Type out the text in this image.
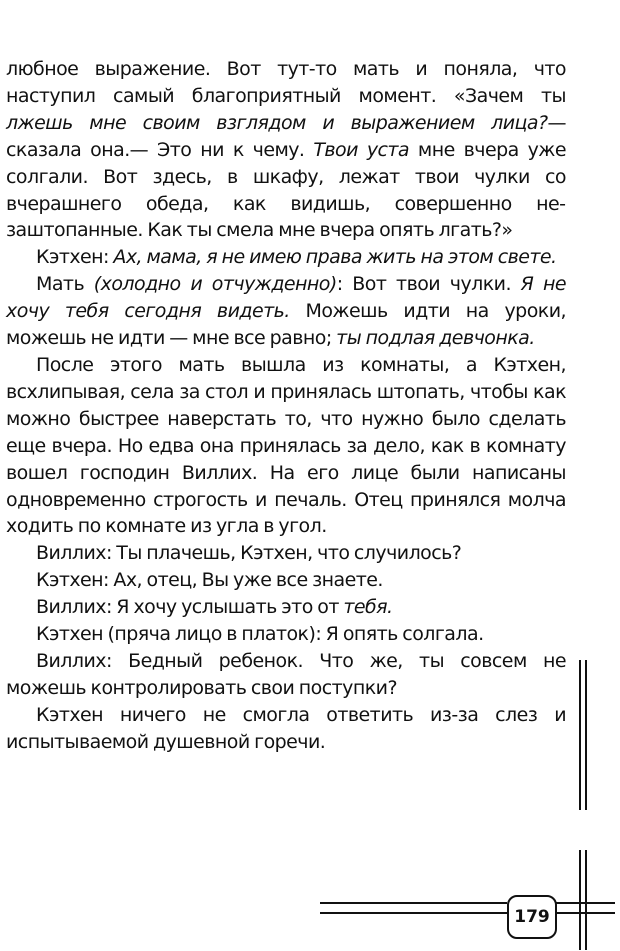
любное выражение. Вот тут-то мать и поняла, что наступил самый благоприятный момент. «Зачем ты лжешь мне своим взглядом и выражением лица?— сказала она.— Это ни к чему. Твои уста мне вчера уже солгали. Вот здесь, в шкафу, лежат твои чулки со вчерашнего обеда, как видишь, совершенно незаштопанные. Как ты смела мне вчера опять лгать?»

Кэтхен: Ах, мама, я не имею права жить на этом свете.

Мать (холодно и отчужденно): Вот твои чулки. Я не хочу тебя сегодня видеть. Можешь идти на уроки, можешь не идти — мне все равно; ты подлая девчонка.

После этого мать вышла из комнаты, а Кэтхен, всхлипывая, села за стол и принялась штопать, чтобы как можно быстрее наверстать то, что нужно было сделать еще вчера. Но едва она принялась за дело, как в комнату вошел господин Виллих. На его лице были написаны одновременно строгость и печаль. Отец принялся молча ходить по комнате из угла в угол.

Виллих: Ты плачешь, Кэтхен, что случилось?

Кэтхен: Ах, отец, Вы уже все знаете.

Виллих: Я хочу услышать это от тебя.

Кэтхен (пряча лицо в платок): Я опять солгала.

Виллих: Бедный ребенок. Что же, ты совсем не можешь контролировать свои поступки?

Кэтхен ничего не смогла ответить из-за слез и испытываемой душевной горечи.

179
